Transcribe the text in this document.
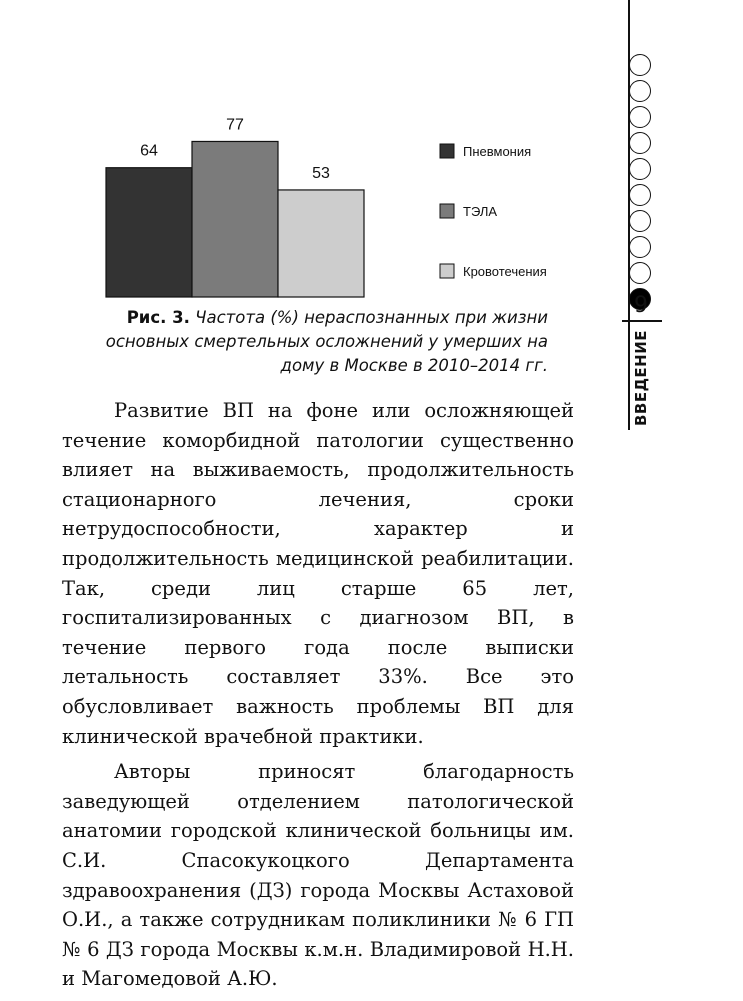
64
77
53
Пневмония
ТЭЛА
Кровотечения
Рис. 3. Частота (%) нераспознанных при жизни основных смертельных осложнений у умерших на дому в Москве в 2010–2014 гг.

Развитие ВП на фоне или осложняющей течение коморбидной патологии существенно влияет на выживаемость, продолжительность стационарного лечения, сроки нетрудоспособности, характер и продолжительность медицинской реабилитации. Так, среди лиц старше 65 лет, госпитализированных с диагнозом ВП, в течение первого года после выписки летальность составляет 33%. Все это обусловливает важность проблемы ВП для клинической врачебной практики.

Авторы приносят благодарность заведующей отделением патологической анатомии городской клинической больницы им. С.И. Спасокукоцкого Департамента здравоохранения (ДЗ) города Москвы Астаховой О.И., а также сотрудникам поликлиники № 6 ГП № 6 ДЗ города Москвы к.м.н. Владимировой Н.Н. и Магомедовой А.Ю.

9
ВВЕДЕНИЕ
